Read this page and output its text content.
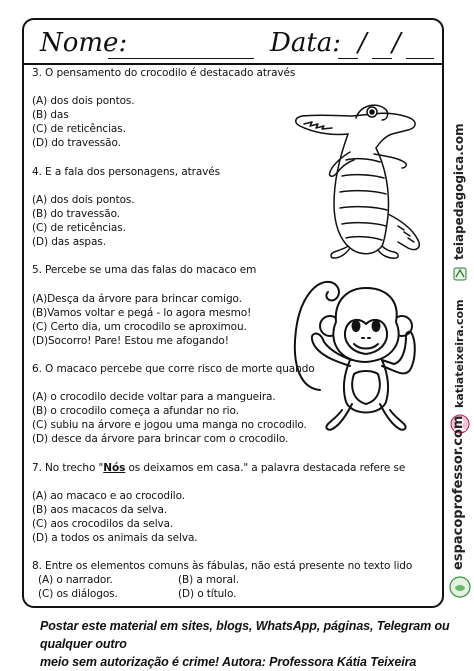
Nome:	Data: / /
3. O pensamento do crocodilo é destacado através
(A) dos dois pontos.
(B) das
(C) de reticências.
(D) do travessão.
4. E a fala dos personagens, através
(A) dos dois pontos.
(B) do travessão.
(C) de reticências.
(D) das aspas.
5. Percebe se uma das falas do macaco em
(A)Desça da árvore para brincar comigo.
(B)Vamos voltar e pegá - lo agora mesmo!
(C) Certo dia, um crocodilo se aproximou.
(D)Socorro! Pare! Estou me afogando!
6. O macaco percebe que corre risco de morte quando
(A) o crocodilo decide voltar para a mangueira.
(B) o crocodilo começa a afundar no rio.
(C) subiu na árvore e jogou uma manga no crocodilo.
(D) desce da árvore para brincar com o crocodilo.
7. No trecho "Nós os deixamos em casa." a palavra destacada refere se
(A) ao macaco e ao crocodilo.
(B) aos macacos da selva.
(C) aos crocodilos da selva.
(D) a todos os animais da selva.
8. Entre os elementos comuns às fábulas, não está presente no texto lido
(A) o narrador.	(B) a moral.
(C) os diálogos.	(D) o título.
teiapedagogica.com
katiateixeira.com
espacoprofessor.com
Postar este material em sites, blogs, WhatsApp, páginas, Telegram ou qualquer outro
meio sem autorização é crime! Autora: Professora Kátia Teixeira
